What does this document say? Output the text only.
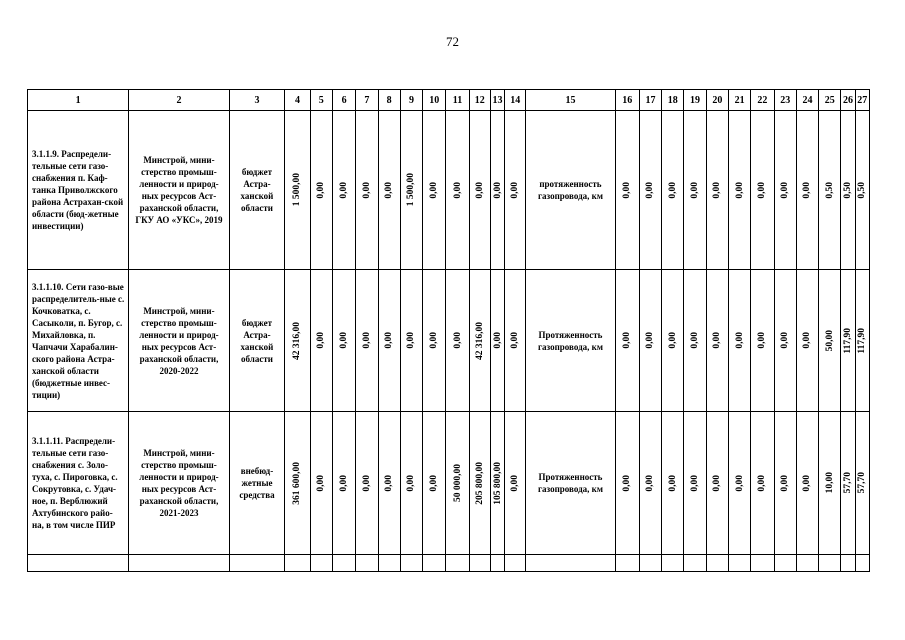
72
1	2	3	4	5	6	7	8	9	10	11	12	13	14	15	16	17	18	19	20	21	22	23	24	25	26	27
3.1.1.9. Распредели-тельные сети газо-снабжения п. Каф-танка Приволжского района Астрахан-ской области (бюд-жетные инвестиции)	Минстрой, мини-стерство промыш-ленности и природ-ных ресурсов Аст-раханской области, ГКУ АО «УКС», 2019	бюджет Астра-ханской области	1 500,00	0,00	0,00	0,00	0,00	1 500,00	0,00	0,00	0,00	0,00	0,00	протяженность газопровода, км	0,00	0,00	0,00	0,00	0,00	0,00	0,00	0,00	0,00	0,50	0,50	0,50

3.1.1.10. Сети газо-вые распределитель-ные с. Кочковатка, с. Сасыколи, п. Бугор, с. Михайловка, п. Чапчачи Харабалин-ского района Астра-ханской области (бюджетные инвес-тиции)	Минстрой, мини-стерство промыш-ленности и природ-ных ресурсов Аст-раханской области, 2020-2022	бюджет Астра-ханской области	42 316,00	0,00	0,00	0,00	0,00	0,00	0,00	0,00	42 316,00	0,00	0,00	Протяженность газопровода, км	0,00	0,00	0,00	0,00	0,00	0,00	0,00	0,00	0,00	50,00	117,90	117,90

3.1.1.11. Распредели-тельные сети газо-снабжения с. Золо-туха, с. Пироговка, с. Сокрутовка, с. Удач-ное, п. Верблюжий Ахтубинского райо-на, в том числе ПИР	Минстрой, мини-стерство промыш-ленности и природ-ных ресурсов Аст-раханской области, 2021-2023	внебюд-жетные средства	361 600,00	0,00	0,00	0,00	0,00	0,00	0,00	50 000,00	205 800,00	105 800,00	0,00	Протяженность газопровода, км	0,00	0,00	0,00	0,00	0,00	0,00	0,00	0,00	0,00	10,00	57,70	57,70
